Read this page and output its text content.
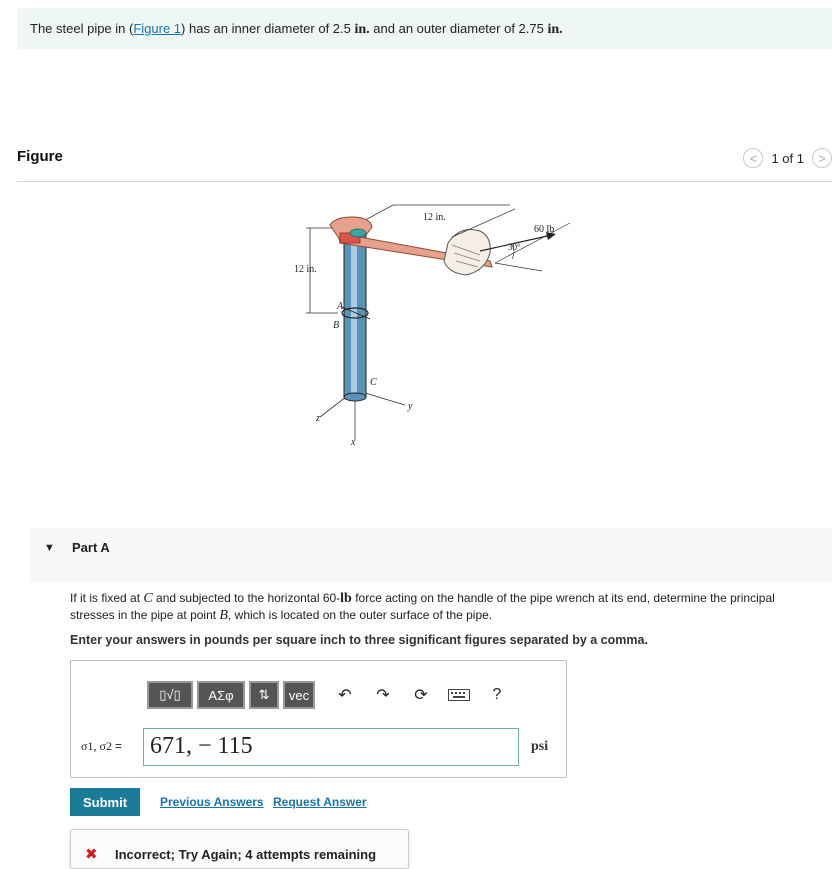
The steel pipe in (Figure 1) has an inner diameter of 2.5 in. and an outer diameter of 2.75 in.
Figure	<	1 of 1	>
12 in.
60 lb
30°
12 in.
A
B
C
y
z
x
▼ Part A
If it is fixed at C and subjected to the horizontal 60-lb force acting on the handle of the pipe wrench at its end, determine the principal stresses in the pipe at point B, which is located on the outer surface of the pipe.
Enter your answers in pounds per square inch to three significant figures separated by a comma.
▯√▯	ΑΣφ	⇅	vec	↶	↷	⟳	?
σ1, σ2 = 671, − 115	psi
Submit	Previous Answers Request Answer
✖ Incorrect; Try Again; 4 attempts remaining
